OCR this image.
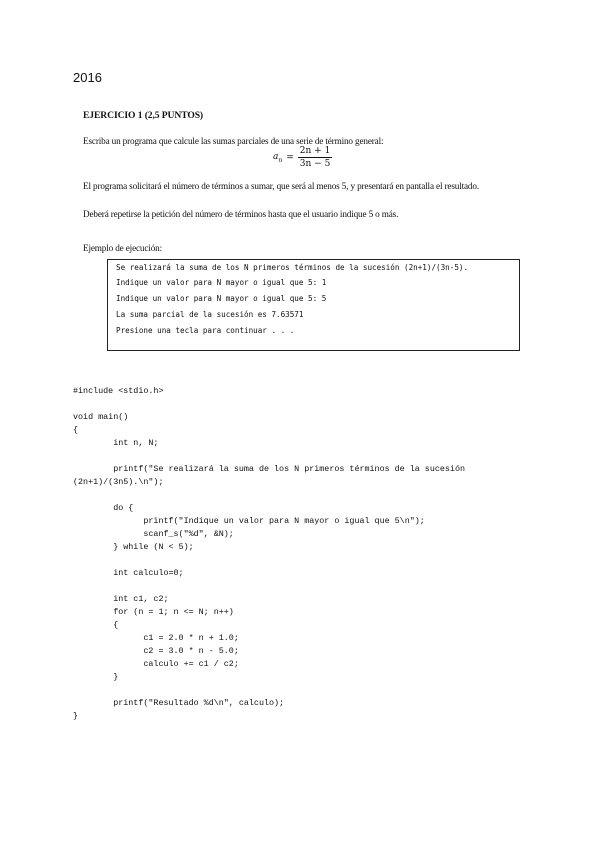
2016
EJERCICIO 1 (2,5 PUNTOS)
Escriba un programa que calcule las sumas parciales de una serie de término general:
$a_n = \frac{2n + 1}{3n - 5}$
El programa solicitará el número de términos a sumar, que será al menos 5, y presentará en pantalla el resultado.
Deberá repetirse la petición del número de términos hasta que el usuario indique 5 o más.
Ejemplo de ejecución:
Se realizará la suma de los N primeros términos de la sucesión (2n+1)/(3n-5).
Indique un valor para N mayor o igual que 5: 1
Indique un valor para N mayor o igual que 5: 5
La suma parcial de la sucesión es 7.63571
Presione una tecla para continuar . . .
#include <stdio.h>
void main()
{
int n, N;
printf("Se realizará la suma de los N primeros términos de la sucesión
(2n+1)/(3n5).\n");
do {
printf("Indique un valor para N mayor o igual que 5\n");
scanf_s("%d", &N);
} while (N < 5);
int calculo=0;
int c1, c2;
for (n = 1; n <= N; n++)
{
c1 = 2.0 * n + 1.0;
c2 = 3.0 * n - 5.0;
calculo += c1 / c2;
}
printf("Resultado %d\n", calculo);
}
